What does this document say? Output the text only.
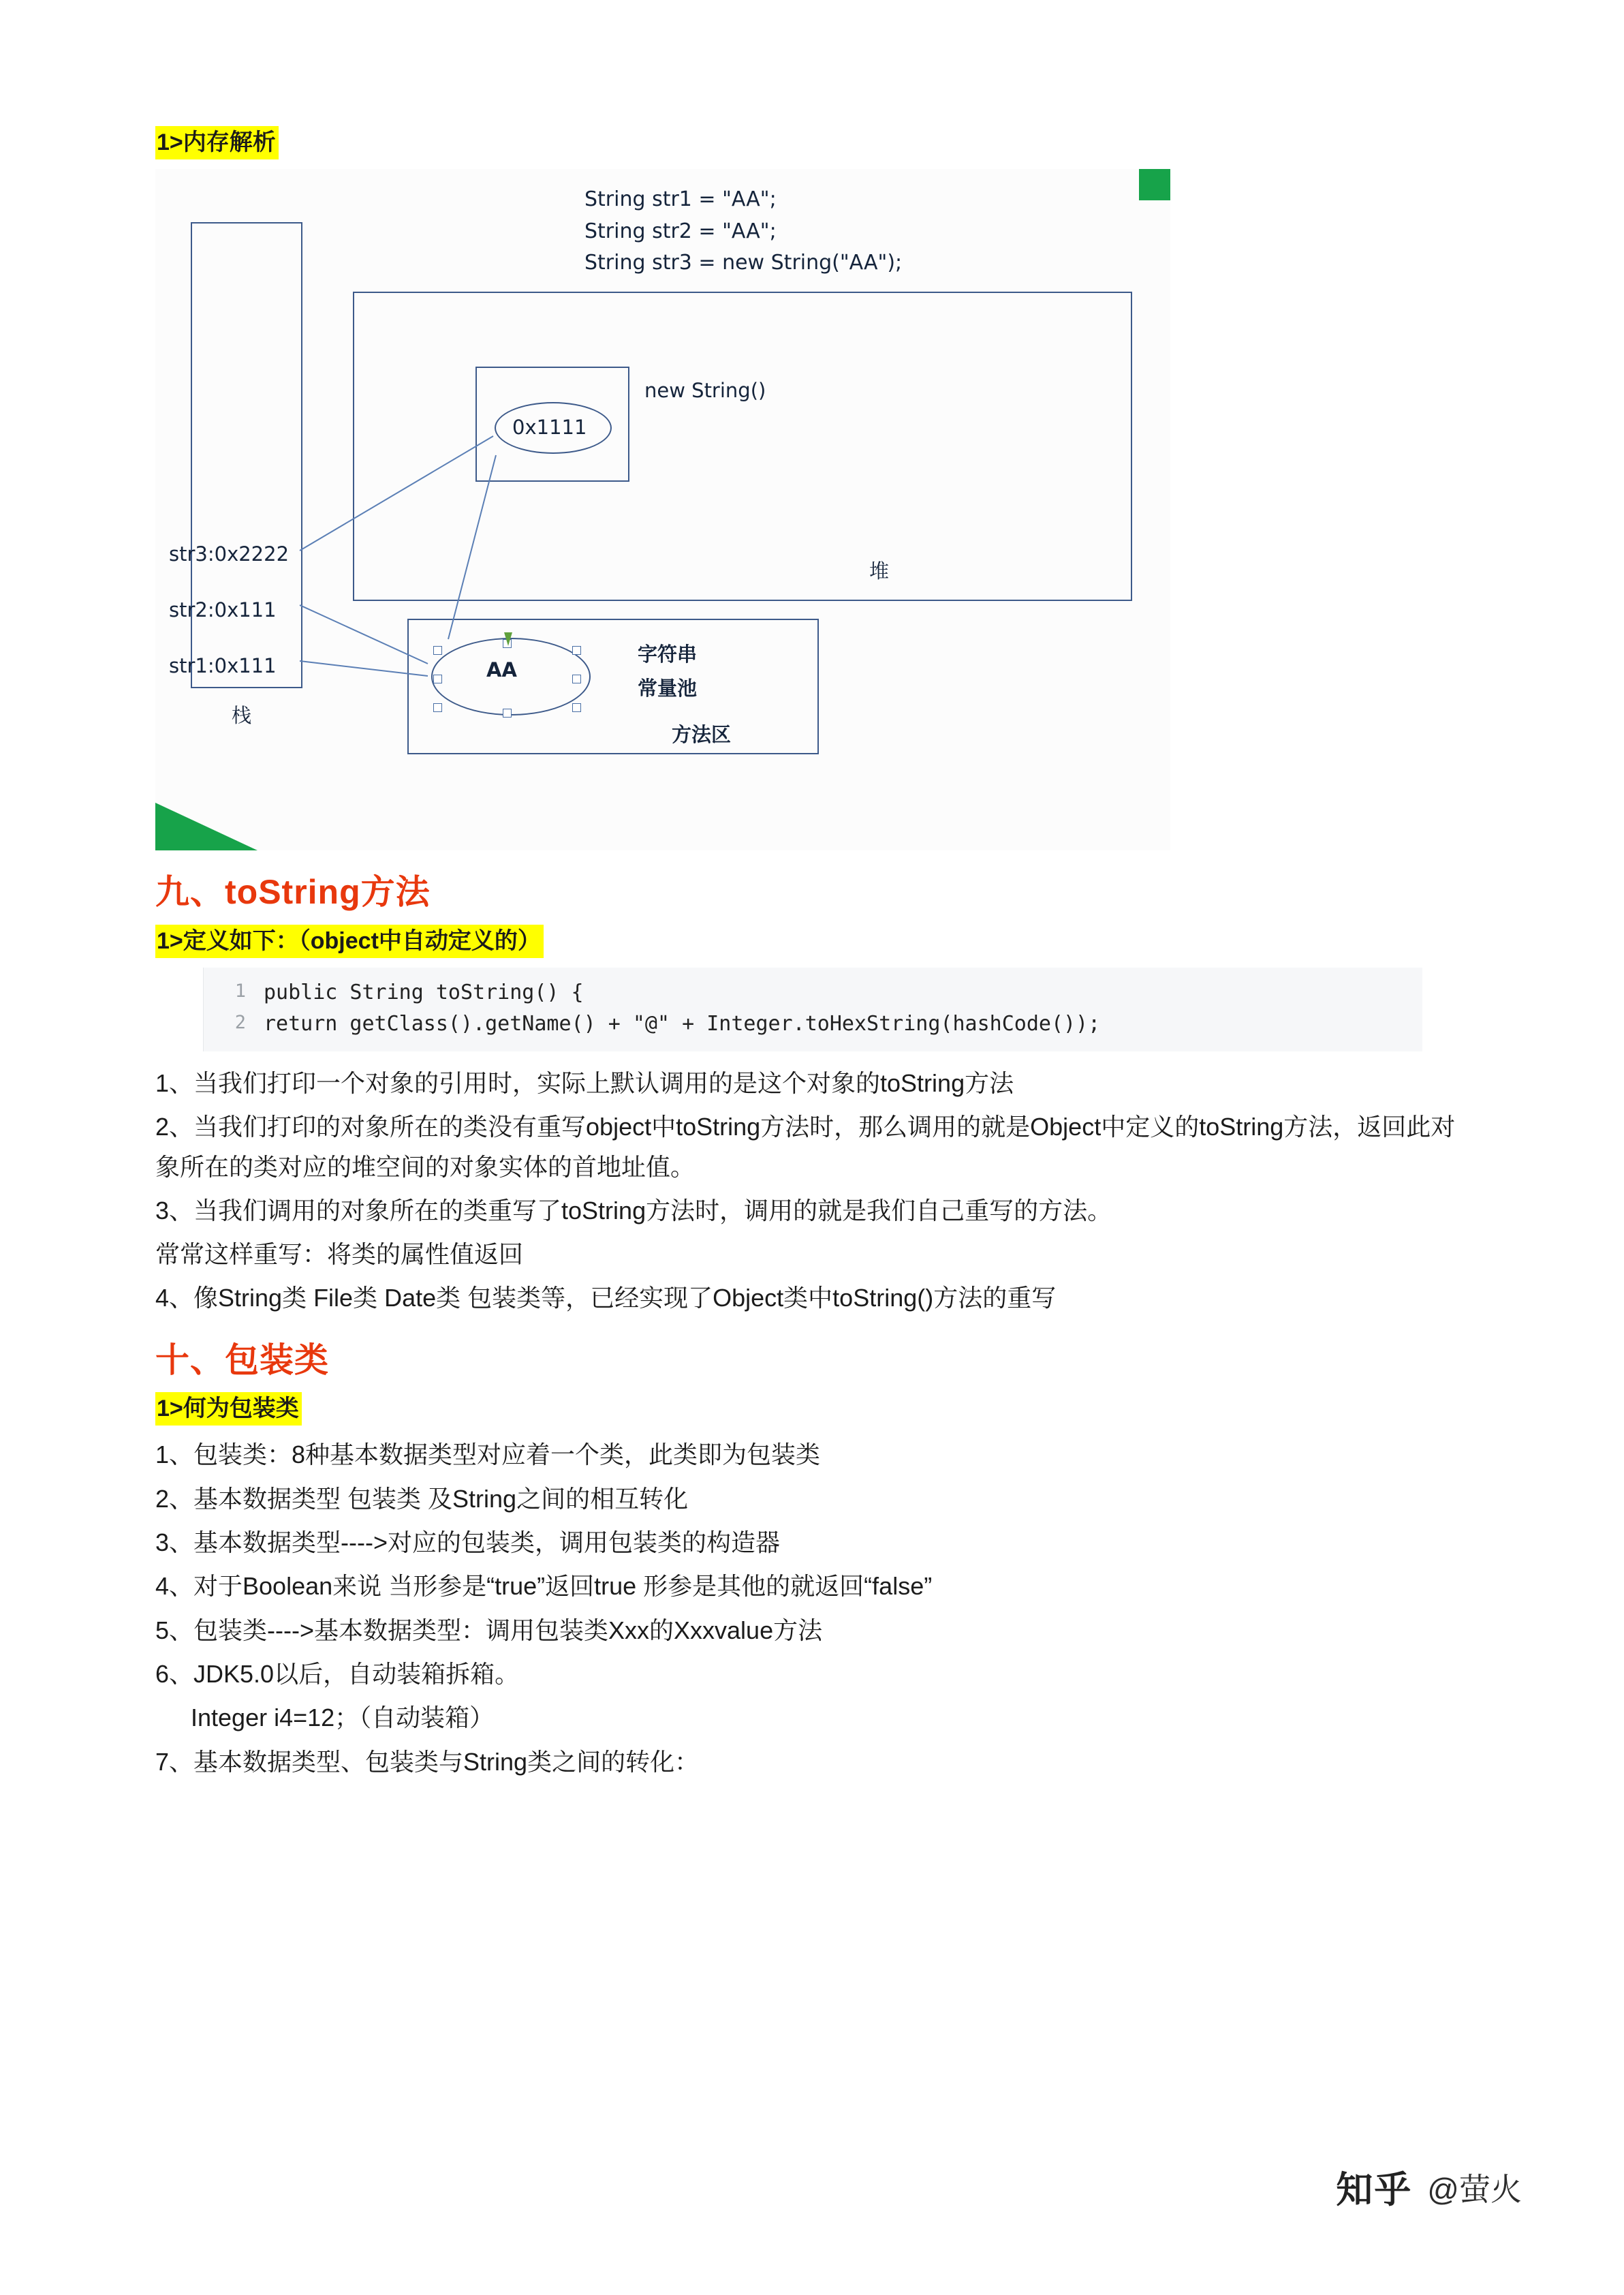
1>内存解析
String str1 = "AA";
String str2 = "AA";
String str3 = new String("AA");
new String()
0x1111
str3:0x2222
str2:0x111
str1:0x111
栈
堆
字符串
常量池
方法区
AA
九、toString方法
1>定义如下：（object中自动定义的）
1 public String toString() {
2 return getClass().getName() + "@" + Integer.toHexString(hashCode());
1、当我们打印一个对象的引用时，实际上默认调用的是这个对象的toString方法
2、当我们打印的对象所在的类没有重写object中toString方法时，那么调用的就是Object中定义的toString方法，返回此对象所在的类对应的堆空间的对象实体的首地址值。
3、当我们调用的对象所在的类重写了toString方法时，调用的就是我们自己重写的方法。
常常这样重写：将类的属性值返回
4、像String类 File类 Date类 包装类等，已经实现了Object类中toString()方法的重写
十、包装类
1>何为包装类
1、包装类：8种基本数据类型对应着一个类，此类即为包装类
2、基本数据类型 包装类 及String之间的相互转化
3、基本数据类型---->对应的包装类，调用包装类的构造器
4、对于Boolean来说 当形参是“true”返回true 形参是其他的就返回“false”
5、包装类---->基本数据类型：调用包装类Xxx的Xxxvalue方法
6、JDK5.0以后，自动装箱拆箱。
Integer i4=12；（自动装箱）
7、基本数据类型、包装类与String类之间的转化：
知乎 @萤火
